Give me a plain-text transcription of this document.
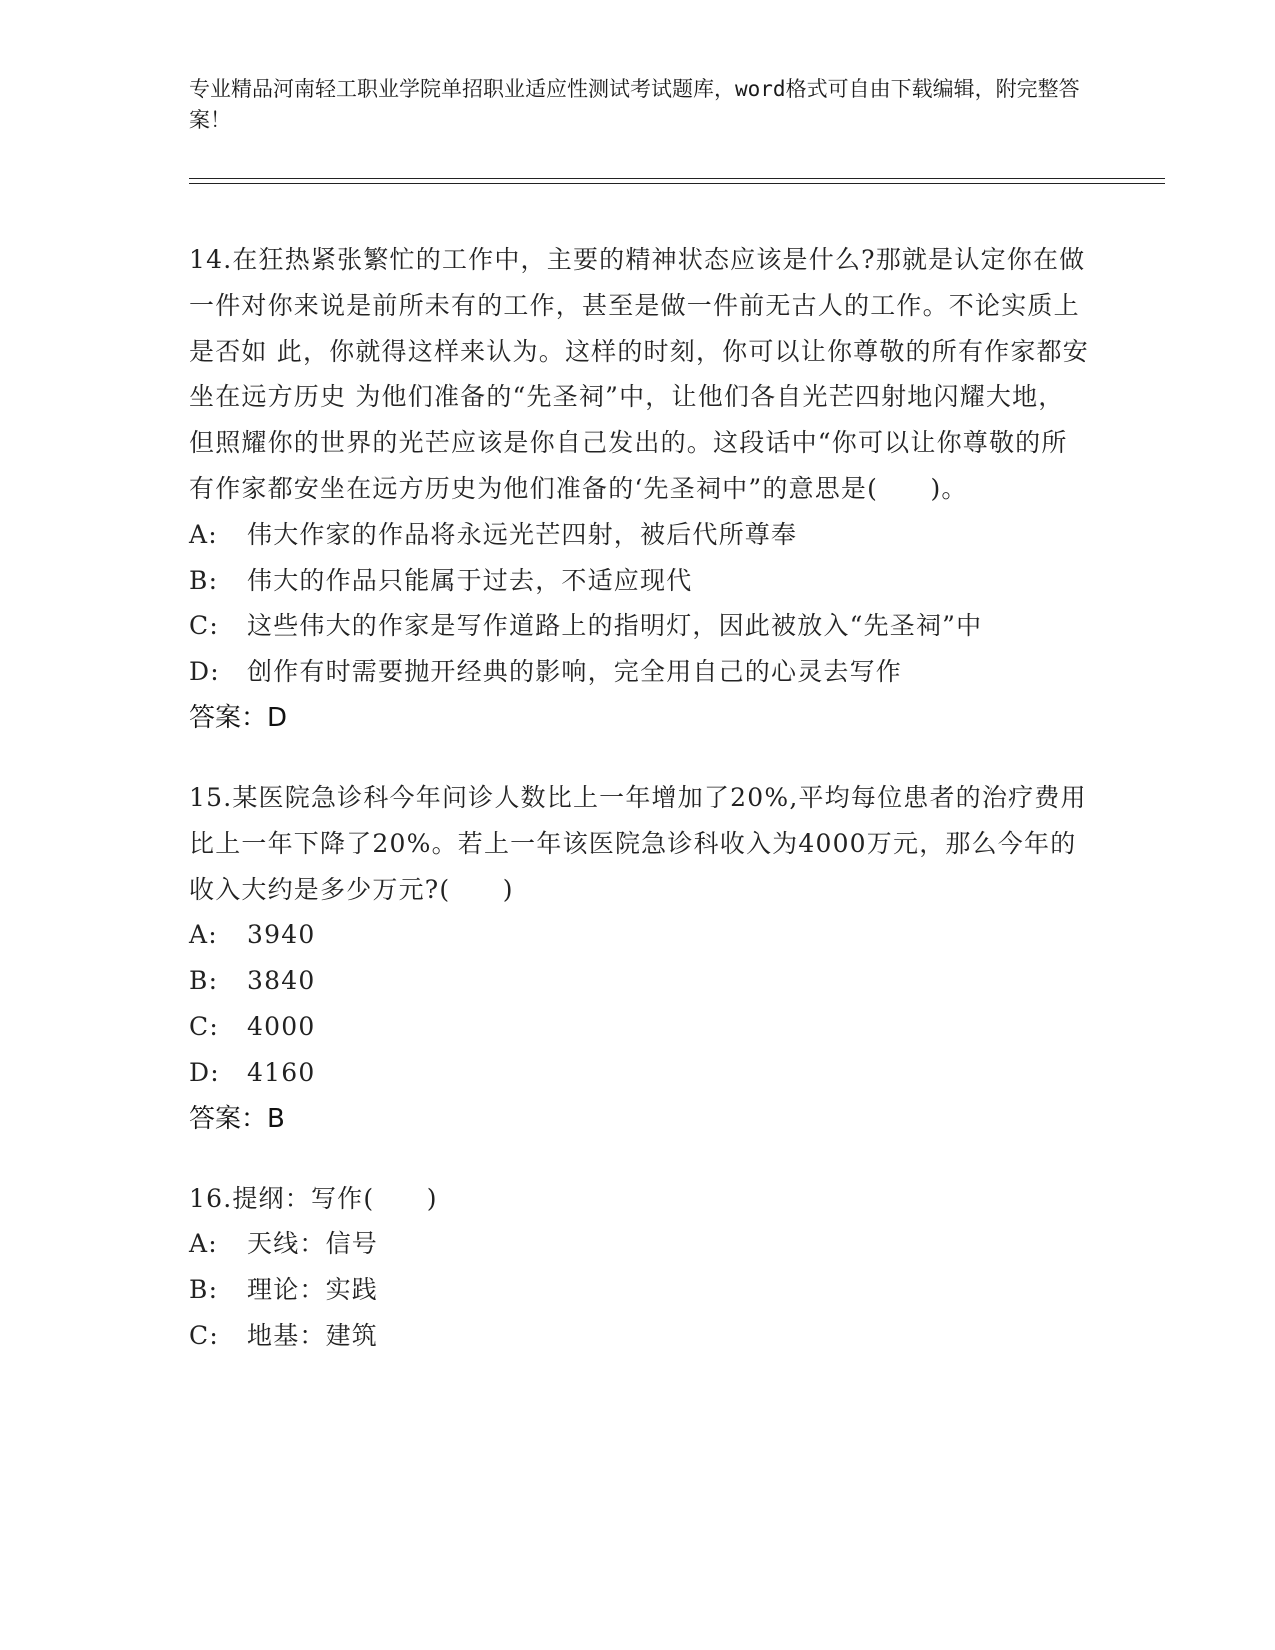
专业精品河南轻工职业学院单招职业适应性测试考试题库，word格式可自由下载编辑，附完整答案！
14.在狂热紧张繁忙的工作中，主要的精神状态应该是什么?那就是认定你在做 一件对你来说是前所未有的工作，甚至是做一件前无古人的工作。不论实质上是否如 此，你就得这样来认为。这样的时刻，你可以让你尊敬的所有作家都安坐在远方历史 为他们准备的“先圣祠”中，让他们各自光芒四射地闪耀大地，但照耀你的世界的光芒应该是你自己发出的。这段话中“你可以让你尊敬的所有作家都安坐在远方历史为他们准备的‘先圣祠中”的意思是(　　)。
A:	伟大作家的作品将永远光芒四射，被后代所尊奉
B:	伟大的作品只能属于过去，不适应现代
C: 这些伟大的作家是写作道路上的指明灯，因此被放入“先圣祠”中
D:	创作有时需要抛开经典的影响，完全用自己的心灵去写作
答案：D
15.某医院急诊科今年问诊人数比上一年增加了20%,平均每位患者的治疗费用 比上一年下降了20%。若上一年该医院急诊科收入为4000万元，那么今年的收入大约是多少万元?(　　)
A:	3940
B:	3840
C:	4000
D:	4160
答案：B
16.提纲：写作(　　)
A:	天线：信号
B:	理论：实践
C:	地基：建筑
